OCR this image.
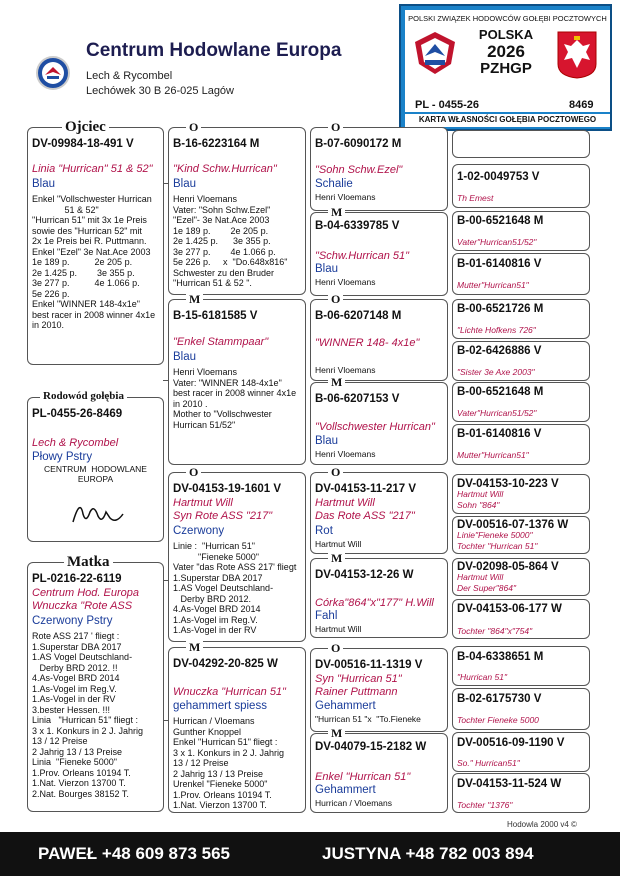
Centrum Hodowlane Europa
Lech & Rycombel
Lechówek 30 B 26-025 Lagów
POLSKI ZWIĄZEK HODOWCÓW GOŁĘBI POCZTOWYCH
POLSKA
2026
PZHGP
PL - 0455-26	8469
KARTA WŁASNOŚCI GOŁĘBIA POCZTOWEGO
DV-09984-18-491 V
Linia "Hurrican" 51 & 52"
Blau
Enkel "Vollschwester Hurrican
51 & 52"
"Hurrican 51" mit 3x 1e Preis
sowie des "Hurrican 52" mit
2x 1e Preis bei R. Puttmann.
Enkel "Ezel" 3e Nat.Ace 2003
1e 189 p.          2e 205 p.
2e 1.425 p.        3e 355 p.
3e 277 p.          4e 1.066 p.
5e 226 p.
Enkel "WINNER 148-4x1e"
best racer in 2008 winner 4x1e
in 2010.
Ojciec
PL-0455-26-8469
Lech & Rycombel
Płowy Pstry
CENTRUM  HODOWLANE
EUROPA
Rodowód gołębia
PL-0216-22-6119
Centrum Hod. Europa
Wnuczka "Rote ASS
Czerwony Pstry
Rote ASS 217 ' fliegt :
1.Superstar DBA 2017
1.AS Vogel Deutschland-
Derby BRD 2012. !!
4.As-Vogel BRD 2014
1.As-Vogel im Reg.V.
1.As-Vogel in der RV
3.bester Hessen. !!!
Linia   "Hurrican 51" fliegt :
3 x 1. Konkurs in 2 J. Jahrig
13 / 12 Preise
2 Jahrig 13 / 13 Preise
Linia  "Fieneke 5000"
1.Prov. Orleans 10194 T.
1.Nat. Vierzon 13700 T.
2.Nat. Bourges 38152 T.
Matka
B-16-6223164 M
"Kind Schw.Hurrican"
Blau
Henri Vloemans
Vater: "Sohn Schw.Ezel"
"Ezel"- 3e Nat.Ace 2003
1e 189 p.        2e 205 p.
2e 1.425 p.      3e 355 p.
3e 277 p.        4e 1.066 p.
5e 226 p.     x  "Do.648x816"
Schwester zu den Bruder
"Hurrican 51 & 52 ".
O
B-15-6181585 V
"Enkel Stammpaar"
Blau
Henri Vloemans
Vater: "WINNER 148-4x1e"
best racer in 2008 winner 4x1e
in 2010 .
Mother to "Vollschwester
Hurrican 51/52"
M
DV-04153-19-1601 V
Hartmut Will
Syn Rote ASS "217"
Czerwony
Linie :  "Hurrican 51"
"Fieneke 5000"
Vater "das Rote ASS 217' fliegt
1.Superstar DBA 2017
1.AS Vogel Deutschland-
Derby BRD 2012.
4.As-Vogel BRD 2014
1.As-Vogel im Reg.V.
1.As-Vogel in der RV
O
DV-04292-20-825 W
Wnuczka "Hurrican 51"
gehammert spiess
Hurrican / Vloemans
Gunther Knoppel
Enkel "Hurrican 51" fliegt :
3 x 1. Konkurs in 2 J. Jahrig
13 / 12 Preise
2 Jahrig 13 / 13 Preise
Urenkel "Fieneke 5000"
1.Prov. Orleans 10194 T.
1.Nat. Vierzon 13700 T.
M
B-07-6090172 M
"Sohn Schw.Ezel"
Schalie
Henri Vloemans
O
B-04-6339785 V
"Schw.Hurrican 51"
Blau
Henri Vloemans
M
B-06-6207148 M
"WINNER 148- 4x1e"
Henri Vloemans
O
B-06-6207153 V
"Vollschwester Hurrican"
Blau
Henri Vloemans
M
DV-04153-11-217 V
Hartmut Will
Das Rote ASS "217"
Rot
Hartmut Will
O
DV-04153-12-26 W
Córka"864"x"177" H.Will
Fahl
Hartmut Will
M
DV-00516-11-1319 V
Syn "Hurrican 51"
Rainer Puttmann
Gehammert
"Hurrican 51 "x  "To.Fieneke
O
DV-04079-15-2182 W
Enkel "Hurrican 51"
Gehammert
Hurrican / Vloemans
M
1-02-0049753 V
Th Emest
B-00-6521648 M
Vater"Hurrican51/52"
B-01-6140816 V
Mutter"Hurrican51"
B-00-6521726 M
"Lichte Hofkens 726"
B-02-6426886 V
"Sister 3e Axe 2003"
B-00-6521648 M
Vater"Hurrican51/52"
B-01-6140816 V
Mutter"Hurrican51"
DV-04153-10-223 V
Hartmut Will
Sohn "864"
DV-00516-07-1376 W
Linie"Fieneke 5000"
Tochter "Hurrican 51"
DV-02098-05-864 V
Hartmut Will
Der Super"864"
DV-04153-06-177 W
Tochter "864"x"754"
B-04-6338651 M
"Hurrican 51"
B-02-6175730 V
Tochter Fieneke 5000
DV-00516-09-1190 V
So." Hurrican51"
DV-04153-11-524 W
Tochter "1376"
Hodowla 2000 v4 ©
PAWEŁ +48 609 873 565	JUSTYNA +48 782 003 894
